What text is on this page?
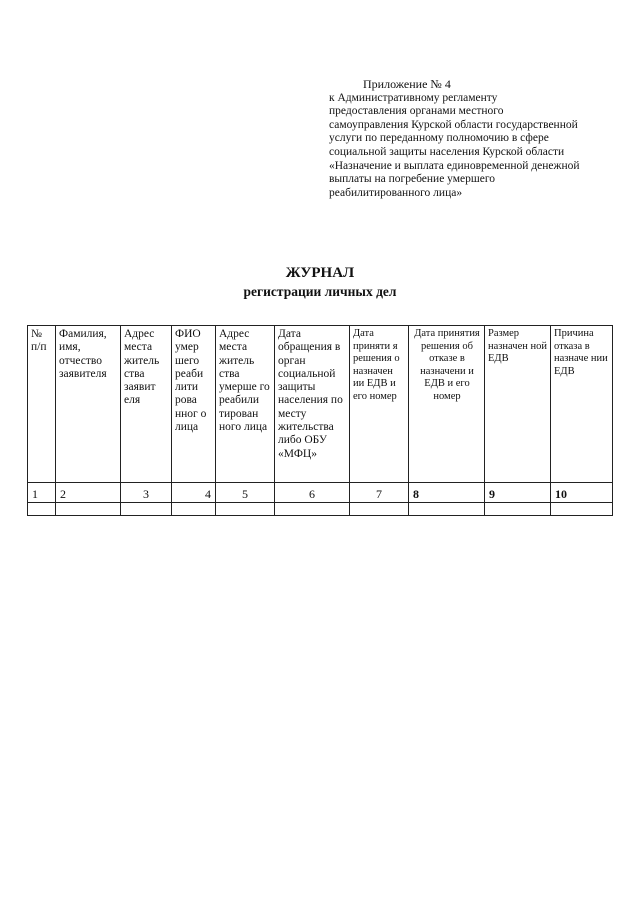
Приложение № 4
к Административному регламенту
предоставления органами местного
самоуправления Курской области государственной
услуги по переданному полномочию в сфере
социальной защиты населения Курской области
«Назначение и выплата единовременной денежной
выплаты на погребение умершего
реабилитированного лица»
ЖУРНАЛ
регистрации личных дел
№ п/п	Фамилия, имя, отчество заявителя	Адрес места житель ства заявит еля	ФИО умер шего реаби лити рова нног о лица	Адрес места житель ства умерше го реабили тирован ного лица	Дата обращения в орган социальной защиты населения по месту жительства либо ОБУ «МФЦ»	Дата приняти я решения о назначен ии ЕДВ и его номер	Дата принятия решения об отказе в назначени и ЕДВ и его номер	Размер назначен ной ЕДВ	Причина отказа в назначе нии ЕДВ
1	2	3	4	5	6	7	8	9	10
